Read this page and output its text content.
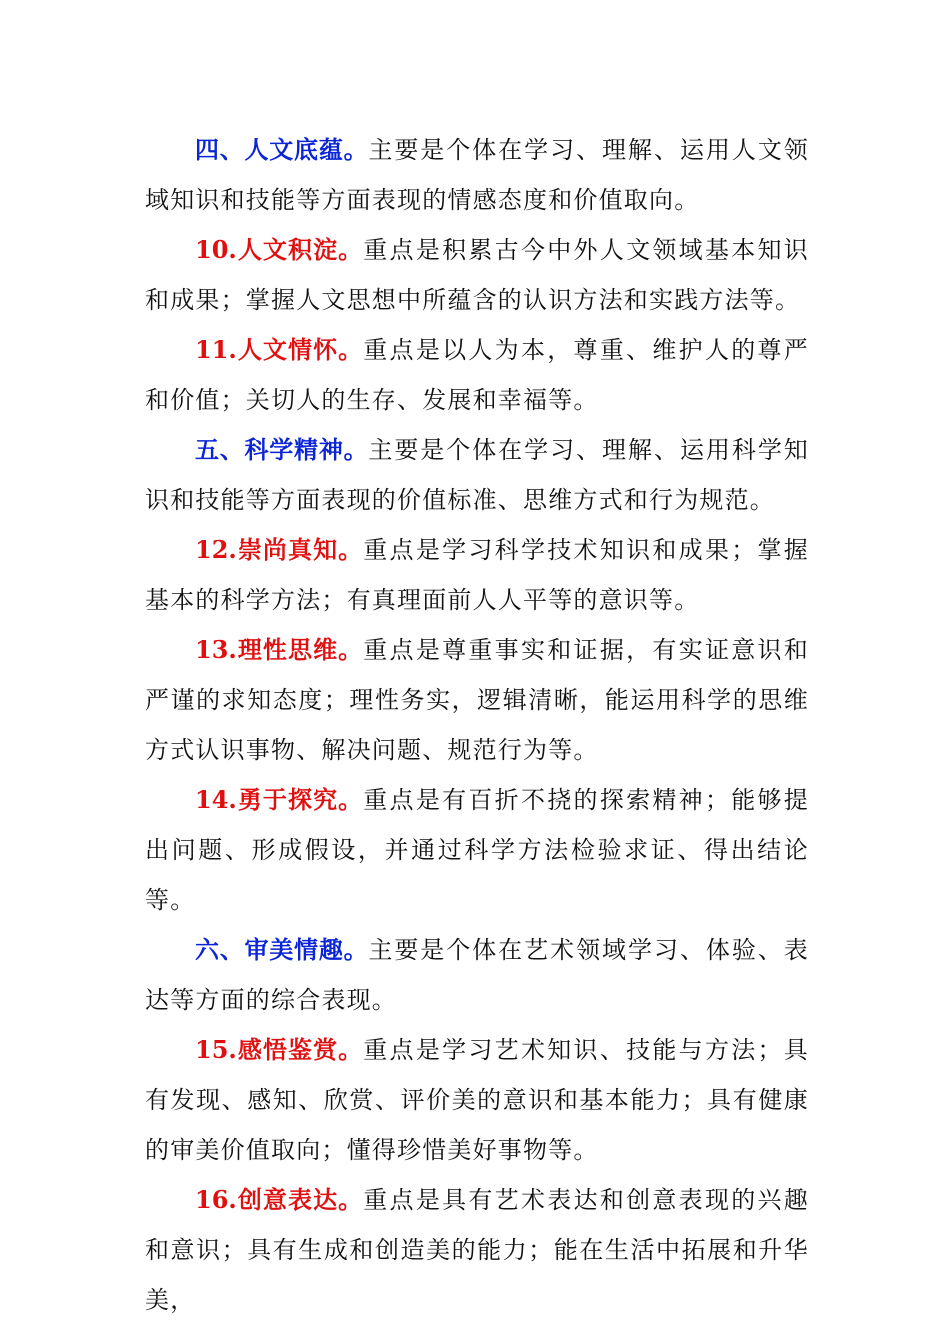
四、人文底蕴。主要是个体在学习、理解、运用人文领域知识和技能等方面表现的情感态度和价值取向。

10.人文积淀。重点是积累古今中外人文领域基本知识和成果；掌握人文思想中所蕴含的认识方法和实践方法等。

11.人文情怀。重点是以人为本，尊重、维护人的尊严和价值；关切人的生存、发展和幸福等。

五、科学精神。主要是个体在学习、理解、运用科学知识和技能等方面表现的价值标准、思维方式和行为规范。

12.崇尚真知。重点是学习科学技术知识和成果；掌握基本的科学方法；有真理面前人人平等的意识等。

13.理性思维。重点是尊重事实和证据，有实证意识和严谨的求知态度；理性务实，逻辑清晰，能运用科学的思维方式认识事物、解决问题、规范行为等。

14.勇于探究。重点是有百折不挠的探索精神；能够提出问题、形成假设，并通过科学方法检验求证、得出结论等。

六、审美情趣。主要是个体在艺术领域学习、体验、表达等方面的综合表现。

15.感悟鉴赏。重点是学习艺术知识、技能与方法；具有发现、感知、欣赏、评价美的意识和基本能力；具有健康的审美价值取向；懂得珍惜美好事物等。

16.创意表达。重点是具有艺术表达和创意表现的兴趣和意识；具有生成和创造美的能力；能在生活中拓展和升华美，
